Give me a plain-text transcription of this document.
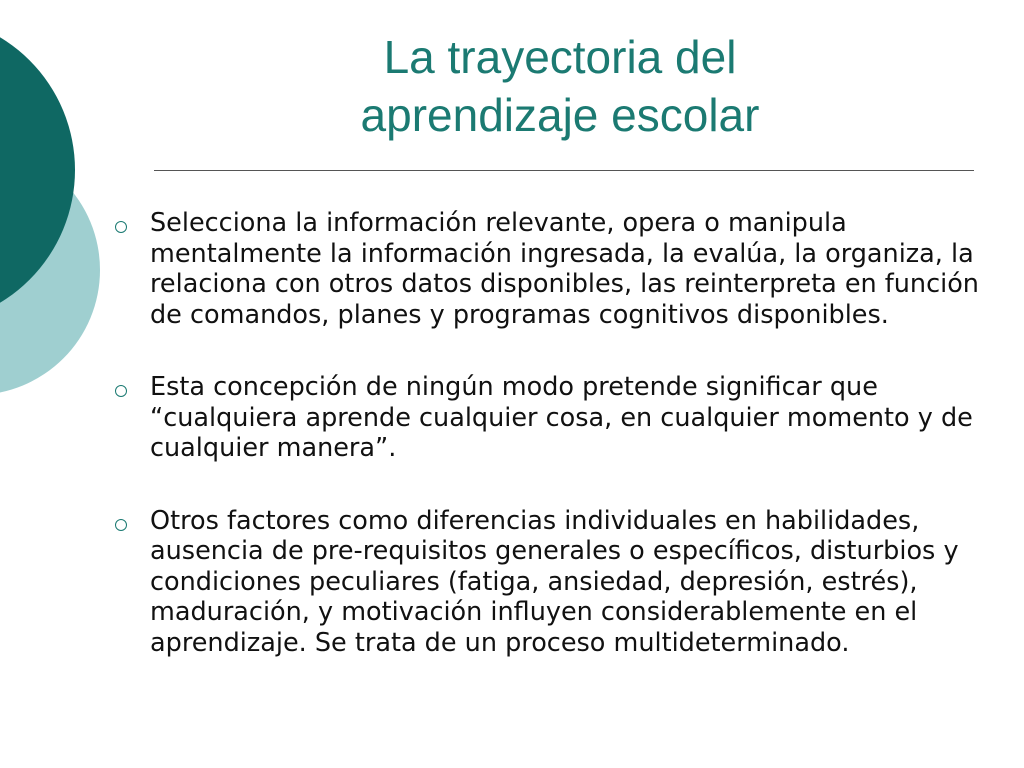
La trayectoria del
aprendizaje escolar
Selecciona la información relevante, opera o manipula mentalmente la información ingresada, la evalúa, la organiza, la relaciona con otros datos disponibles, las reinterpreta en función de comandos, planes y programas cognitivos disponibles.
Esta concepción de ningún modo pretende significar que “cualquiera aprende cualquier cosa, en cualquier momento y de cualquier manera”.
Otros factores como diferencias individuales en habilidades, ausencia de pre-requisitos generales o específicos, disturbios y condiciones peculiares (fatiga, ansiedad, depresión, estrés), maduración, y motivación influyen considerablemente en el aprendizaje. Se trata de un proceso multideterminado.
